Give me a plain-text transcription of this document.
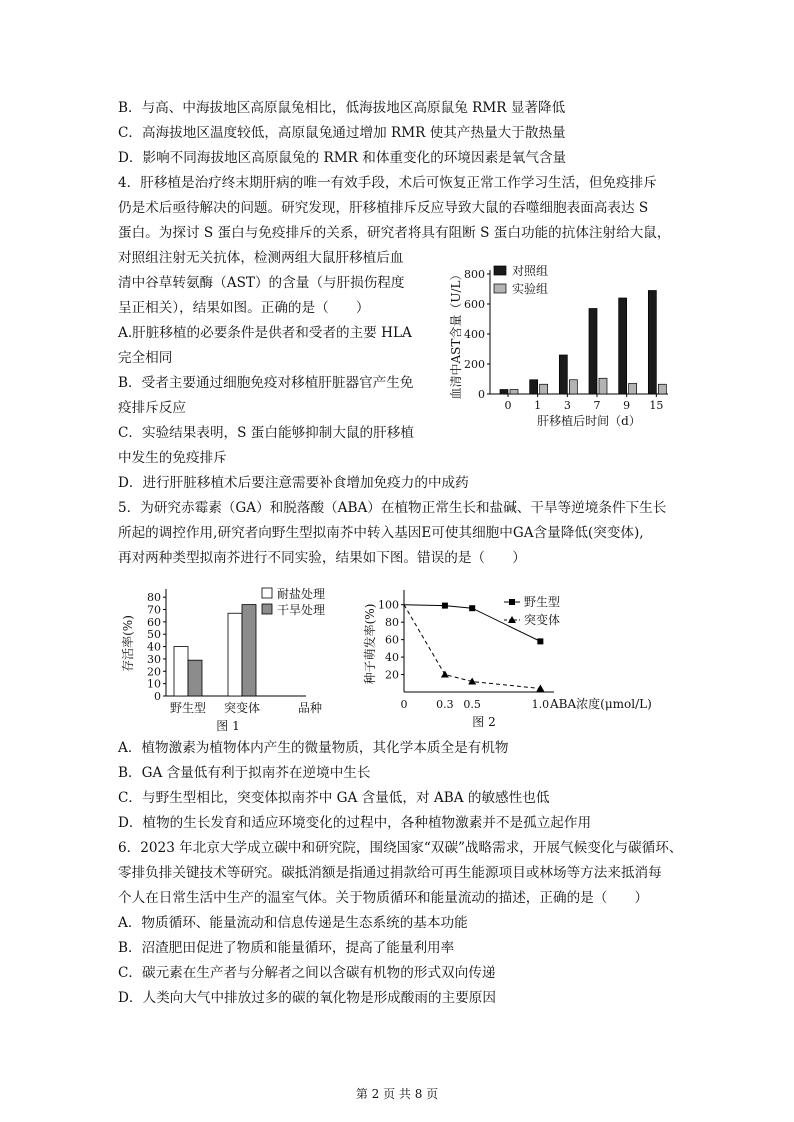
B．与高、中海拔地区高原鼠兔相比，低海拔地区高原鼠兔 RMR 显著降低
C．高海拔地区温度较低，高原鼠兔通过增加 RMR 使其产热量大于散热量
D．影响不同海拔地区高原鼠兔的 RMR 和体重变化的环境因素是氧气含量
4．肝移植是治疗终末期肝病的唯一有效手段，术后可恢复正常工作学习生活，但免疫排斥
仍是术后亟待解决的问题。研究发现，肝移植排斥反应导致大鼠的吞噬细胞表面高表达 S
蛋白。为探讨 S 蛋白与免疫排斥的关系，研究者将具有阻断 S 蛋白功能的抗体注射给大鼠，
对照组注射无关抗体，检测两组大鼠肝移植后血
清中谷草转氨酶（AST）的含量（与肝损伤程度
呈正相关），结果如图。正确的是（　　）
A.肝脏移植的必要条件是供者和受者的主要 HLA
完全相同
B．受者主要通过细胞免疫对移植肝脏器官产生免
疫排斥反应
C．实验结果表明，S 蛋白能够抑制大鼠的肝移植
中发生的免疫排斥
D．进行肝脏移植术后要注意需要补食增加免疫力的中成药
5．为研究赤霉素（GA）和脱落酸（ABA）在植物正常生长和盐碱、干旱等逆境条件下生长
所起的调控作用,研究者向野生型拟南芥中转入基因E可使其细胞中GA含量降低(突变体),
再对两种类型拟南芥进行不同实验，结果如下图。错误的是（　　）
0
200
400
600
800
0 1 3 7 9 15
肝移植后时间（d）
血清中AST含量（U/L）	对照组
实验组
0
10
20
30
40
50
60
70
80
野生型 突变体	品种
图 1
存活率(%)
耐盐处理
干旱处理
20
40
60
80
100
0	0.3 0.5	1.0 ABA浓度(μmol/L)
图 2
种子萌发率(%)
野生型
突变体
A．植物激素为植物体内产生的微量物质，其化学本质全是有机物
B．GA 含量低有利于拟南芥在逆境中生长
C．与野生型相比，突变体拟南芥中 GA 含量低，对 ABA 的敏感性也低
D．植物的生长发育和适应环境变化的过程中，各种植物激素并不是孤立起作用
6．2023 年北京大学成立碳中和研究院，围绕国家“双碳”战略需求，开展气候变化与碳循环、
零排负排关键技术等研究。碳抵消额是指通过捐款给可再生能源项目或林场等方法来抵消每
个人在日常生活中生产的温室气体。关于物质循环和能量流动的描述，正确的是（　　）
A．物质循环、能量流动和信息传递是生态系统的基本功能
B．沼渣肥田促进了物质和能量循环，提高了能量利用率
C．碳元素在生产者与分解者之间以含碳有机物的形式双向传递
D．人类向大气中排放过多的碳的氧化物是形成酸雨的主要原因
第 2 页 共 8 页
